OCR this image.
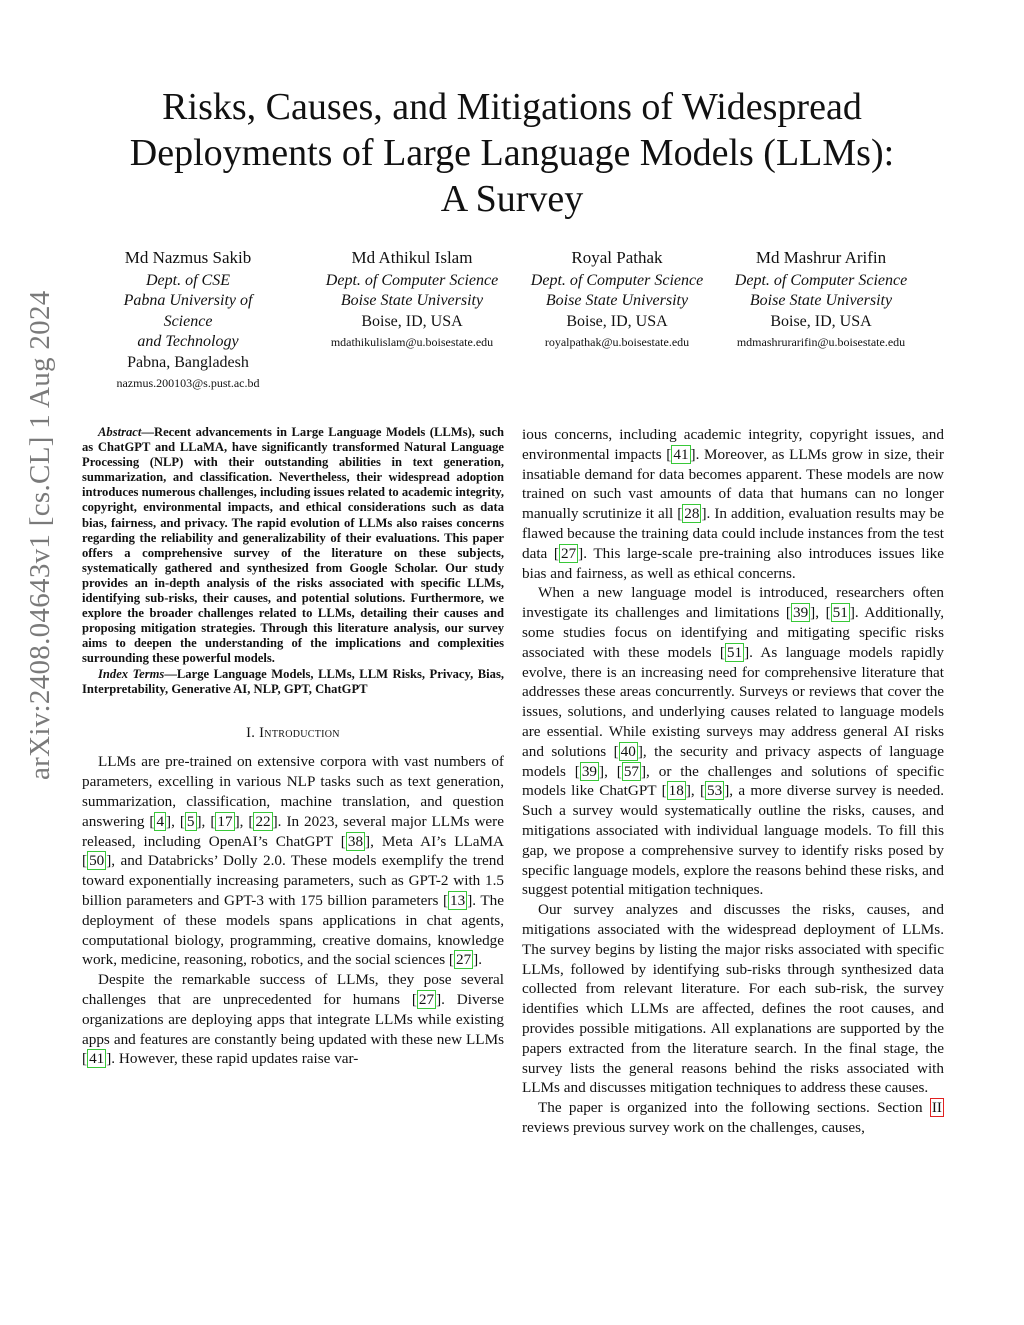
arXiv:2408.04643v1 [cs.CL] 1 Aug 2024
Risks, Causes, and Mitigations of Widespread
Deployments of Large Language Models (LLMs):
A Survey
Md Nazmus Sakib
Dept. of CSE
Pabna University of Science
and Technology
Pabna, Bangladesh
nazmus.200103@s.pust.ac.bd
Md Athikul Islam
Dept. of Computer Science
Boise State University
Boise, ID, USA
mdathikulislam@u.boisestate.edu
Royal Pathak
Dept. of Computer Science
Boise State University
Boise, ID, USA
royalpathak@u.boisestate.edu
Md Mashrur Arifin
Dept. of Computer Science
Boise State University
Boise, ID, USA
mdmashrurarifin@u.boisestate.edu

Abstract—Recent advancements in Large Language Models (LLMs), such as ChatGPT and LLaMA, have significantly transformed Natural Language Processing (NLP) with their outstanding abilities in text generation, summarization, and classification. Nevertheless, their widespread adoption introduces numerous challenges, including issues related to academic integrity, copyright, environmental impacts, and ethical considerations such as data bias, fairness, and privacy. The rapid evolution of LLMs also raises concerns regarding the reliability and generalizability of their evaluations. This paper offers a comprehensive survey of the literature on these subjects, systematically gathered and synthesized from Google Scholar. Our study provides an in-depth analysis of the risks associated with specific LLMs, identifying sub-risks, their causes, and potential solutions. Furthermore, we explore the broader challenges related to LLMs, detailing their causes and proposing mitigation strategies. Through this literature analysis, our survey aims to deepen the understanding of the implications and complexities surrounding these powerful models.

Index Terms—Large Language Models, LLMs, LLM Risks, Privacy, Bias, Interpretability, Generative AI, NLP, GPT, ChatGPT

I. Introduction

LLMs are pre-trained on extensive corpora with vast numbers of parameters, excelling in various NLP tasks such as text generation, summarization, classification, machine translation, and question answering [ 4 ], [ 5 ], [ 17 ], [ 22 ]. In 2023, several major LLMs were released, including OpenAI’s ChatGPT [ 38 ], Meta AI’s LLaMA [ 50 ], and Databricks’ Dolly 2.0. These models exemplify the trend toward exponentially increasing parameters, such as GPT-2 with 1.5 billion parameters and GPT-3 with 175 billion parameters [ 13 ]. The deployment of these models spans applications in chat agents, computational biology, programming, creative domains, knowledge work, medicine, reasoning, robotics, and the social sciences [ 27 ].

Despite the remarkable success of LLMs, they pose several challenges that are unprecedented for humans [ 27 ]. Diverse organizations are deploying apps that integrate LLMs while existing apps and features are constantly being updated with these new LLMs [ 41 ]. However, these rapid updates raise var-

ious concerns, including academic integrity, copyright issues, and environmental impacts [ 41 ]. Moreover, as LLMs grow in size, their insatiable demand for data becomes apparent. These models are now trained on such vast amounts of data that humans can no longer manually scrutinize it all [ 28 ]. In addition, evaluation results may be flawed because the training data could include instances from the test data [ 27 ]. This large-scale pre-training also introduces issues like bias and fairness, as well as ethical concerns.

When a new language model is introduced, researchers often investigate its challenges and limitations [ 39 ], [ 51 ]. Additionally, some studies focus on identifying and mitigating specific risks associated with these models [ 51 ]. As language models rapidly evolve, there is an increasing need for comprehensive literature that addresses these areas concurrently. Surveys or reviews that cover the issues, solutions, and underlying causes related to language models are essential. While existing surveys may address general AI risks and solutions [ 40 ], the security and privacy aspects of language models [ 39 ], [ 57 ], or the challenges and solutions of specific models like ChatGPT [ 18 ], [ 53 ], a more diverse survey is needed. Such a survey would systematically outline the risks, causes, and mitigations associated with individual language models. To fill this gap, we propose a comprehensive survey to identify risks posed by specific language models, explore the reasons behind these risks, and suggest potential mitigation techniques.

Our survey analyzes and discusses the risks, causes, and mitigations associated with the widespread deployment of LLMs. The survey begins by listing the major risks associated with specific LLMs, followed by identifying sub-risks through synthesized data collected from relevant literature. For each sub-risk, the survey identifies which LLMs are affected, defines the root causes, and provides possible mitigations. All explanations are supported by the papers extracted from the literature search. In the final stage, the survey lists the general reasons behind the risks associated with LLMs and discusses mitigation techniques to address these causes.

The paper is organized into the following sections. Section II reviews previous survey work on the challenges, causes,
